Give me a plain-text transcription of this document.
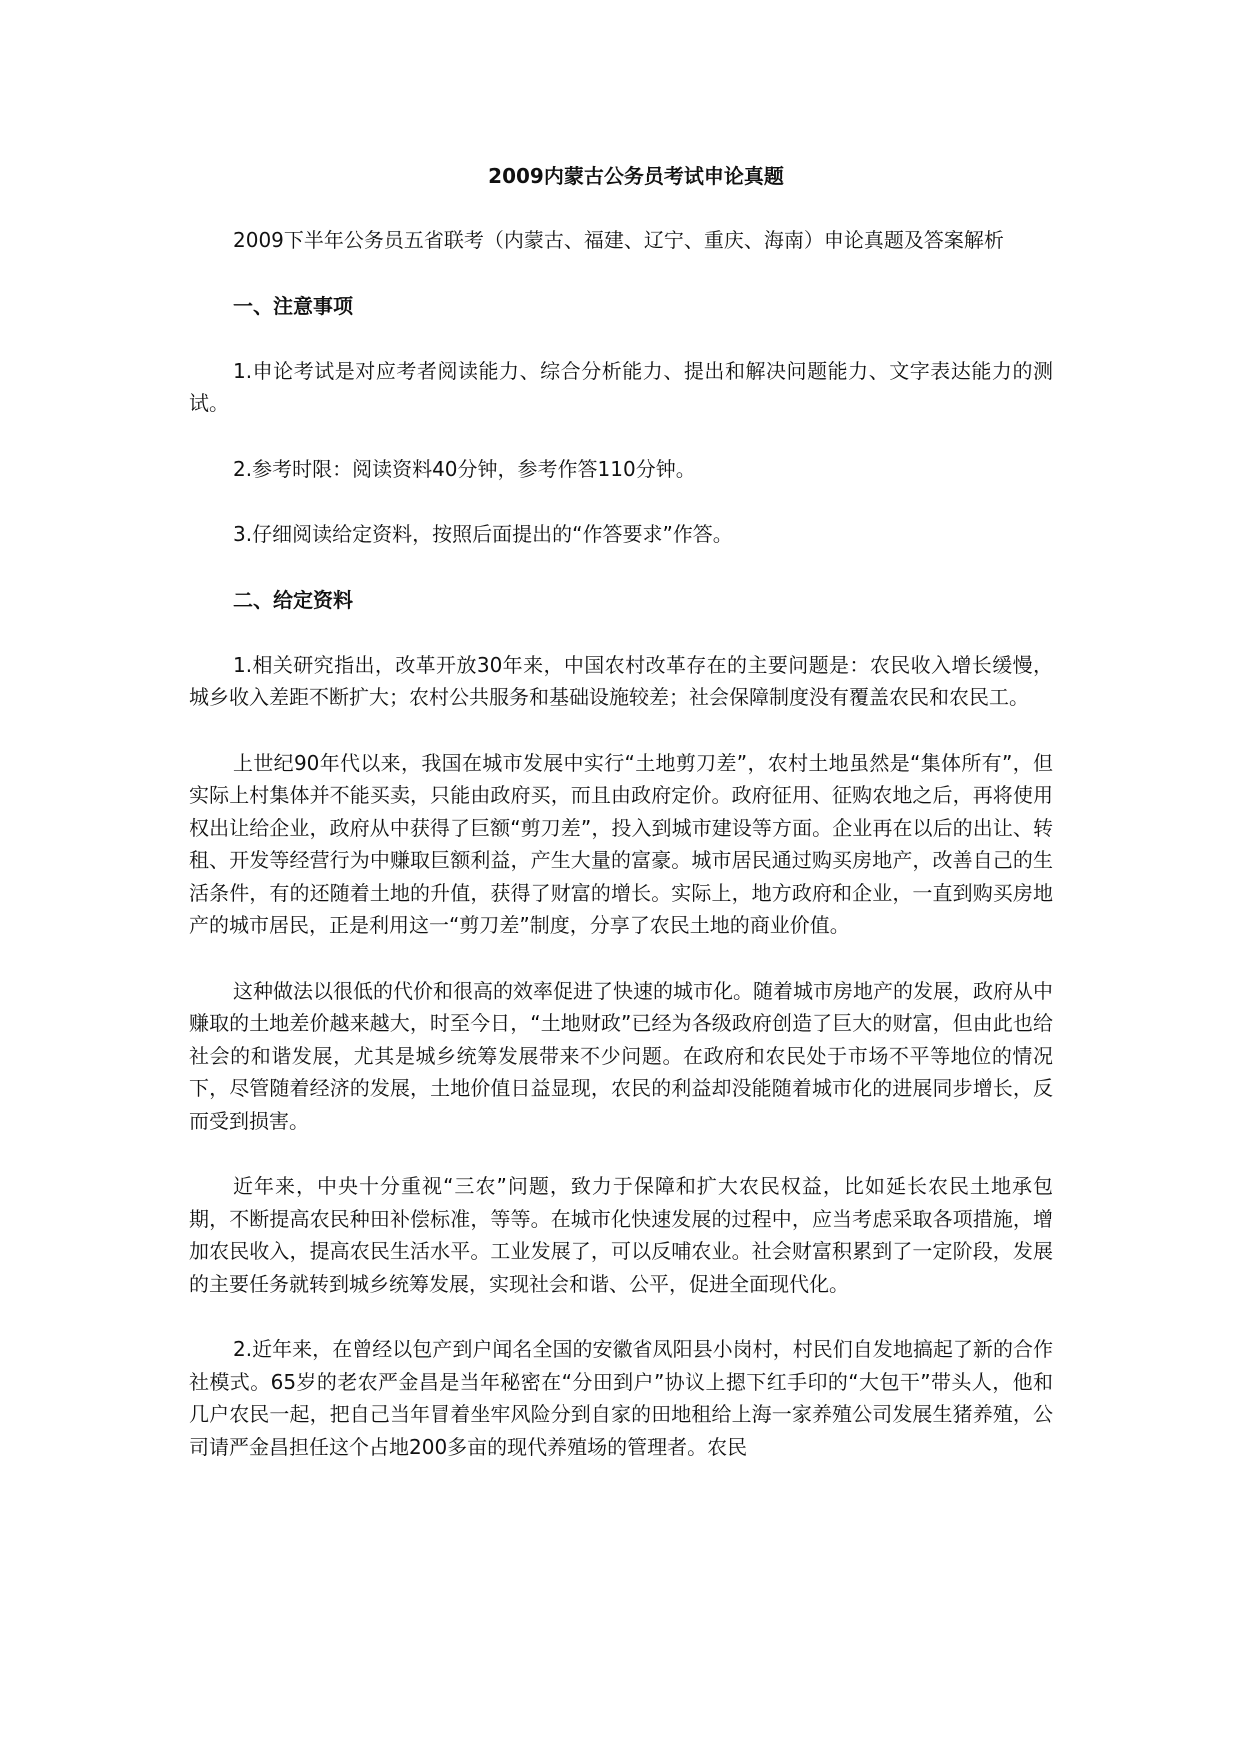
2009内蒙古公务员考试申论真题

2009下半年公务员五省联考（内蒙古、福建、辽宁、重庆、海南）申论真题及答案解析

一、注意事项

1.申论考试是对应考者阅读能力、综合分析能力、提出和解决问题能力、文字表达能力的测试。

2.参考时限：阅读资料40分钟，参考作答110分钟。

3.仔细阅读给定资料，按照后面提出的“作答要求”作答。

二、给定资料

1.相关研究指出，改革开放30年来，中国农村改革存在的主要问题是：农民收入增长缓慢，城乡收入差距不断扩大；农村公共服务和基础设施较差；社会保障制度没有覆盖农民和农民工。

上世纪90年代以来，我国在城市发展中实行“土地剪刀差”，农村土地虽然是“集体所有”，但实际上村集体并不能买卖，只能由政府买，而且由政府定价。政府征用、征购农地之后，再将使用权出让给企业，政府从中获得了巨额“剪刀差”，投入到城市建设等方面。企业再在以后的出让、转租、开发等经营行为中赚取巨额利益，产生大量的富豪。城市居民通过购买房地产，改善自己的生活条件，有的还随着土地的升值，获得了财富的增长。实际上，地方政府和企业，一直到购买房地产的城市居民，正是利用这一“剪刀差”制度，分享了农民土地的商业价值。

这种做法以很低的代价和很高的效率促进了快速的城市化。随着城市房地产的发展，政府从中赚取的土地差价越来越大，时至今日，“土地财政”已经为各级政府创造了巨大的财富，但由此也给社会的和谐发展，尤其是城乡统筹发展带来不少问题。在政府和农民处于市场不平等地位的情况下，尽管随着经济的发展，土地价值日益显现，农民的利益却没能随着城市化的进展同步增长，反而受到损害。

近年来，中央十分重视“三农”问题，致力于保障和扩大农民权益，比如延长农民土地承包期，不断提高农民种田补偿标准，等等。在城市化快速发展的过程中，应当考虑采取各项措施，增加农民收入，提高农民生活水平。工业发展了，可以反哺农业。社会财富积累到了一定阶段，发展的主要任务就转到城乡统筹发展，实现社会和谐、公平，促进全面现代化。

2.近年来，在曾经以包产到户闻名全国的安徽省凤阳县小岗村，村民们自发地搞起了新的合作社模式。65岁的老农严金昌是当年秘密在“分田到户”协议上摁下红手印的“大包干”带头人，他和几户农民一起，把自己当年冒着坐牢风险分到自家的田地租给上海一家养殖公司发展生猪养殖，公司请严金昌担任这个占地200多亩的现代养殖场的管理者。农民
